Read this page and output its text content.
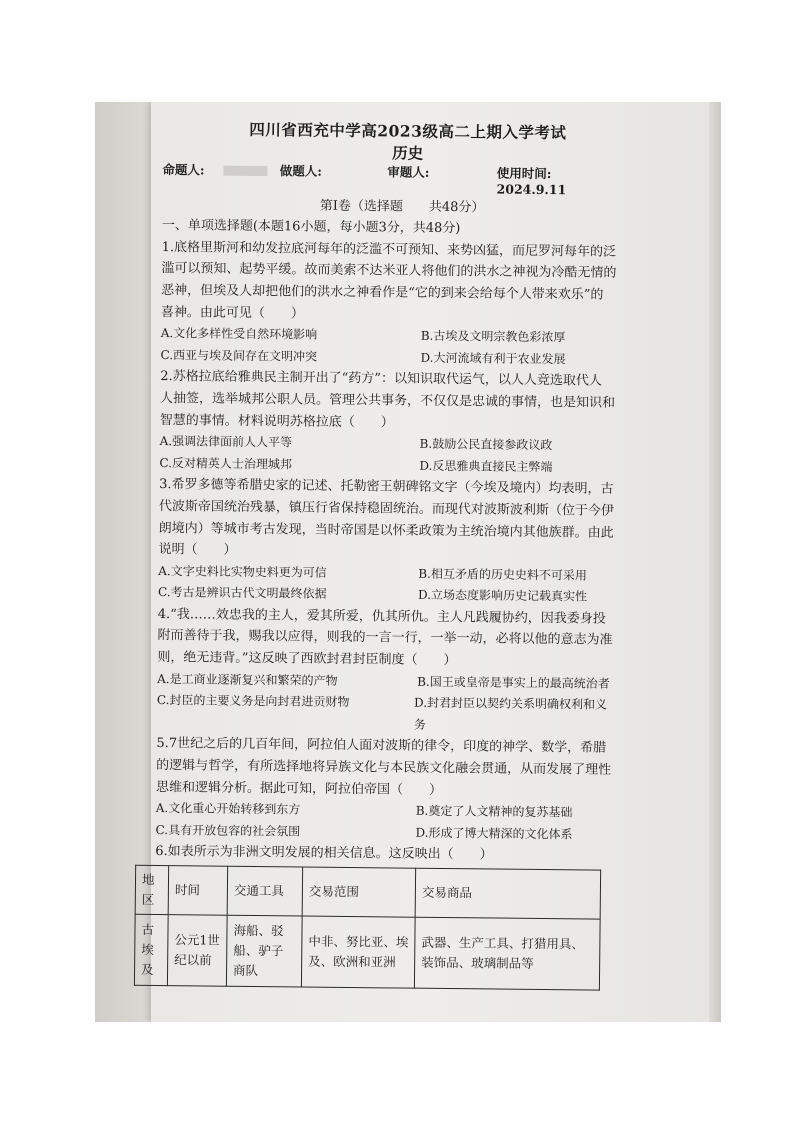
四川省西充中学高2023级高二上期入学考试
历史
命题人:	做题人:	审题人:	使用时间: 2024.9.11
第Ⅰ卷（选择题　　共48分）
一、单项选择题(本题16小题，每小题3分，共48分)
1.底格里斯河和幼发拉底河每年的泛滥不可预知、来势凶猛，而尼罗河每年的泛
滥可以预知、起势平缓。故而美索不达米亚人将他们的洪水之神视为冷酷无情的
恶神，但埃及人却把他们的洪水之神看作是“它的到来会给每个人带来欢乐”的
喜神。由此可见（　　）
A.文化多样性受自然环境影响	B.古埃及文明宗教色彩浓厚
C.西亚与埃及间存在文明冲突	D.大河流域有利于农业发展
2.苏格拉底给雅典民主制开出了“药方”：以知识取代运气，以人人竞选取代人
人抽签，选举城邦公职人员。管理公共事务，不仅仅是忠诚的事情，也是知识和
智慧的事情。材料说明苏格拉底（　　）
A.强调法律面前人人平等	B.鼓励公民直接参政议政
C.反对精英人士治理城邦	D.反思雅典直接民主弊端
3.希罗多德等希腊史家的记述、托勒密王朝碑铭文字（今埃及境内）均表明，古
代波斯帝国统治残暴，镇压行省保持稳固统治。而现代对波斯波利斯（位于今伊
朗境内）等城市考古发现，当时帝国是以怀柔政策为主统治境内其他族群。由此
说明（　　）
A.文字史料比实物史料更为可信	B.相互矛盾的历史史料不可采用
C.考古是辨识古代文明最终依据	D.立场态度影响历史记载真实性
4.“我……效忠我的主人，爱其所爱，仇其所仇。主人凡践履协约，因我委身投
附而善待于我，赐我以应得，则我的一言一行，一举一动，必将以他的意志为准
则，绝无违背。”这反映了西欧封君封臣制度（　　）
A.是工商业逐渐复兴和繁荣的产物	B.国王或皇帝是事实上的最高统治者
C.封臣的主要义务是向封君进贡财物	D.封君封臣以契约关系明确权利和义务
5.7世纪之后的几百年间，阿拉伯人面对波斯的律令，印度的神学、数学，希腊
的逻辑与哲学，有所选择地将异族文化与本民族文化融会贯通，从而发展了理性
思维和逻辑分析。据此可知，阿拉伯帝国（　　）
A.文化重心开始转移到东方	B.奠定了人文精神的复苏基础
C.具有开放包容的社会氛围	D.形成了博大精深的文化体系
6.如表所示为非洲文明发展的相关信息。这反映出（　　）
地区	时间	交通工具	交易范围	交易商品
古埃及	公元1世纪以前	海船、驳船、驴子商队	中非、努比亚、埃及、欧洲和亚洲	武器、生产工具、打猎用具、装饰品、玻璃制品等
